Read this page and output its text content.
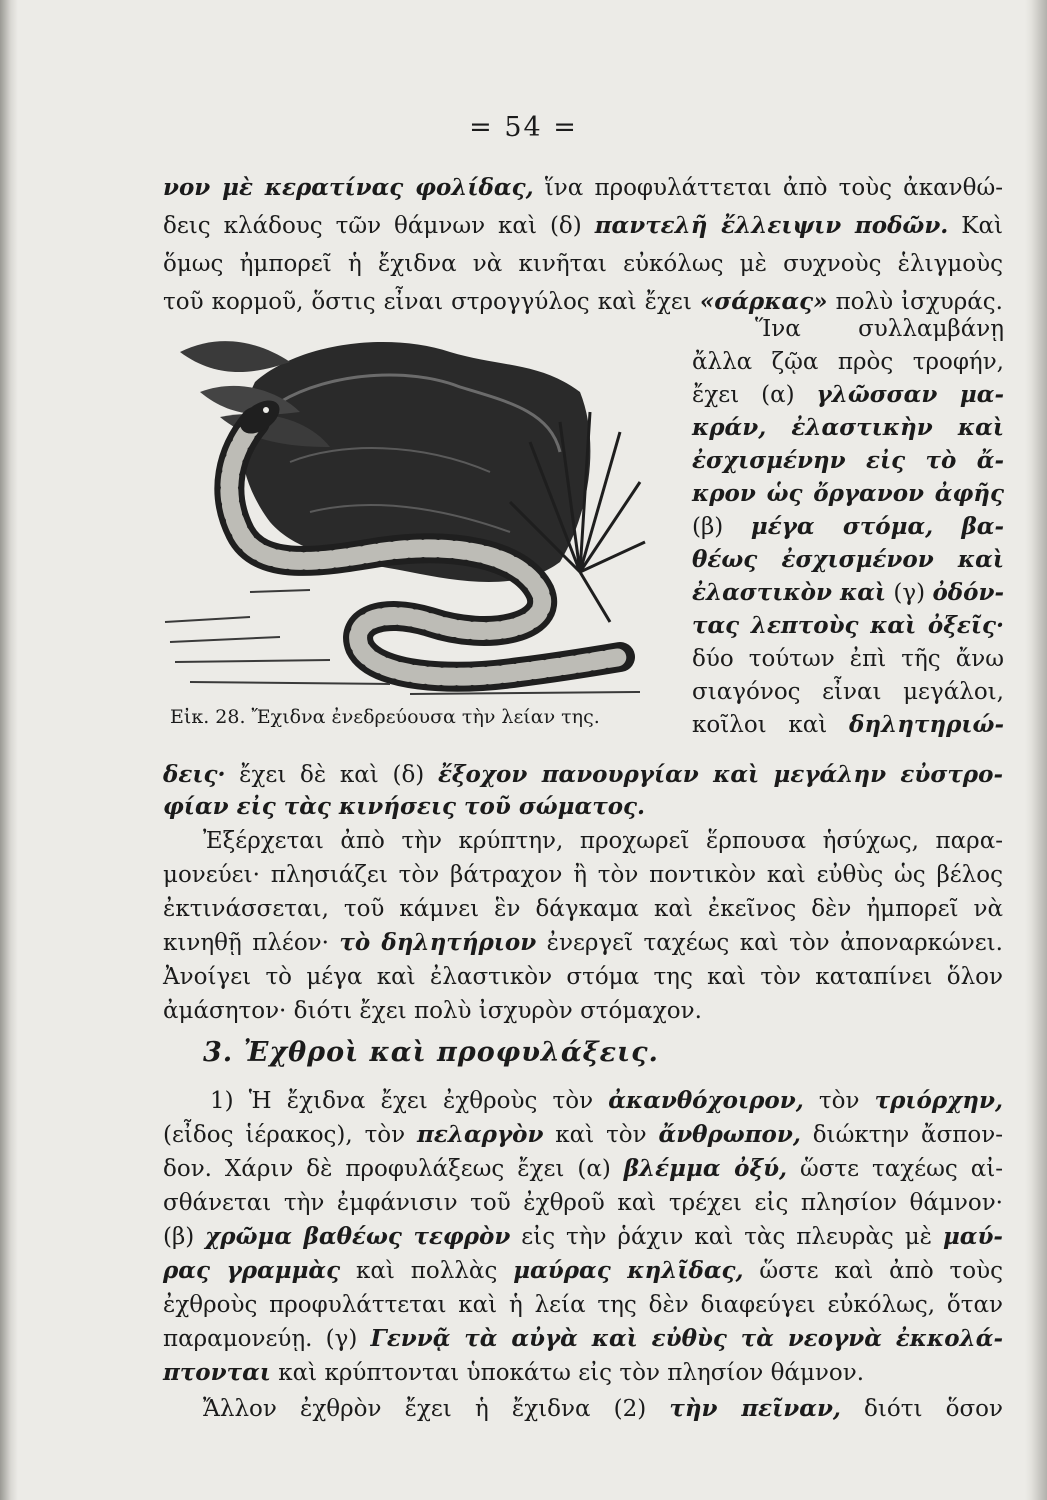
= 54 =
νον μὲ κερατίνας φολίδας, ἵνα προφυλάττεται ἀπὸ τοὺς ἀκανθώ-
δεις κλάδους τῶν θάμνων καὶ (δ) παντελῆ ἔλλειψιν ποδῶν. Καὶ
ὅμως ἠμπορεῖ ἡ ἔχιδνα νὰ κινῆται εὐκόλως μὲ συχνοὺς ἑλιγμοὺς
τοῦ κορμοῦ, ὅστις εἶναι στρογγύλος καὶ ἔχει «σάρκας» πολὺ ἰσχυράς.
Ἵνα συλλαμβάνῃ
ἄλλα ζῷα πρὸς τροφήν,
ἔχει (α) γλῶσσαν μα-
κράν, ἐλαστικὴν καὶ
ἐσχισμένην εἰς τὸ ἄ-
κρον ὡς ὄργανον ἀφῆς
(β) μέγα στόμα, βα-
θέως ἐσχισμένον καὶ
ἐλαστικὸν καὶ (γ) ὀδόν-
τας λεπτοὺς καὶ ὀξεῖς·
δύο τούτων ἐπὶ τῆς ἄνω
σιαγόνος εἶναι μεγάλοι,
κοῖλοι καὶ δηλητηριώ-
Εἰκ. 28. Ἔχιδνα ἐνεδρεύουσα τὴν λείαν της.
δεις· ἔχει δὲ καὶ (δ) ἔξοχον πανουργίαν καὶ μεγάλην εὐστρο-
φίαν εἰς τὰς κινήσεις τοῦ σώματος.
Ἐξέρχεται ἀπὸ τὴν κρύπτην, προχωρεῖ ἕρπουσα ἡσύχως, παρα-
μονεύει· πλησιάζει τὸν βάτραχον ἢ τὸν ποντικὸν καὶ εὐθὺς ὡς βέλος
ἐκτινάσσεται, τοῦ κάμνει ἓν δάγκαμα καὶ ἐκεῖνος δὲν ἠμπορεῖ νὰ
κινηθῇ πλέον· τὸ δηλητήριον ἐνεργεῖ ταχέως καὶ τὸν ἀποναρκώνει.
Ἀνοίγει τὸ μέγα καὶ ἐλαστικὸν στόμα της καὶ τὸν καταπίνει ὅλον
ἀμάσητον· διότι ἔχει πολὺ ἰσχυρὸν στόμαχον.
3. Ἐχθροὶ καὶ προφυλάξεις.
1) Ἡ ἔχιδνα ἔχει ἐχθροὺς τὸν ἀκανθόχοιρον, τὸν τριόρχην,
(εἶδος ἱέρακος), τὸν πελαργὸν καὶ τὸν ἄνθρωπον, διώκτην ἄσπον-
δον. Χάριν δὲ προφυλάξεως ἔχει (α) βλέμμα ὀξύ, ὥστε ταχέως αἰ-
σθάνεται τὴν ἐμφάνισιν τοῦ ἐχθροῦ καὶ τρέχει εἰς πλησίον θάμνον·
(β) χρῶμα βαθέως τεφρὸν εἰς τὴν ῥάχιν καὶ τὰς πλευρὰς μὲ μαύ-
ρας γραμμὰς καὶ πολλὰς μαύρας κηλῖδας, ὥστε καὶ ἀπὸ τοὺς
ἐχθροὺς προφυλάττεται καὶ ἡ λεία της δὲν διαφεύγει εὐκόλως, ὅταν
παραμονεύῃ. (γ) Γεννᾷ τὰ αὐγὰ καὶ εὐθὺς τὰ νεογνὰ ἐκκολά-
πτονται καὶ κρύπτονται ὑποκάτω εἰς τὸν πλησίον θάμνον.
Ἄλλον ἐχθρὸν ἔχει ἡ ἔχιδνα (2) τὴν πεῖναν, διότι ὅσον
